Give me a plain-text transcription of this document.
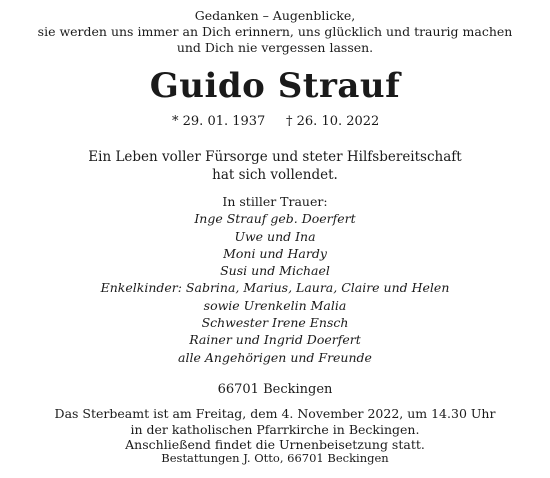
Gedanken – Augenblicke,
sie werden uns immer an Dich erinnern, uns glücklich und traurig machen
und Dich nie vergessen lassen.
Guido Strauf
* 29. 01. 1937 † 26. 10. 2022
Ein Leben voller Fürsorge und steter Hilfsbereitschaft
hat sich vollendet.
In stiller Trauer:
Inge Strauf geb. Doerfert
Uwe und Ina
Moni und Hardy
Susi und Michael
Enkelkinder: Sabrina, Marius, Laura, Claire und Helen
sowie Urenkelin Malia
Schwester Irene Ensch
Rainer und Ingrid Doerfert
alle Angehörigen und Freunde
66701 Beckingen
Das Sterbeamt ist am Freitag, dem 4. November 2022, um 14.30 Uhr
in der katholischen Pfarrkirche in Beckingen.
Anschließend findet die Urnenbeisetzung statt.
Bestattungen J. Otto, 66701 Beckingen
